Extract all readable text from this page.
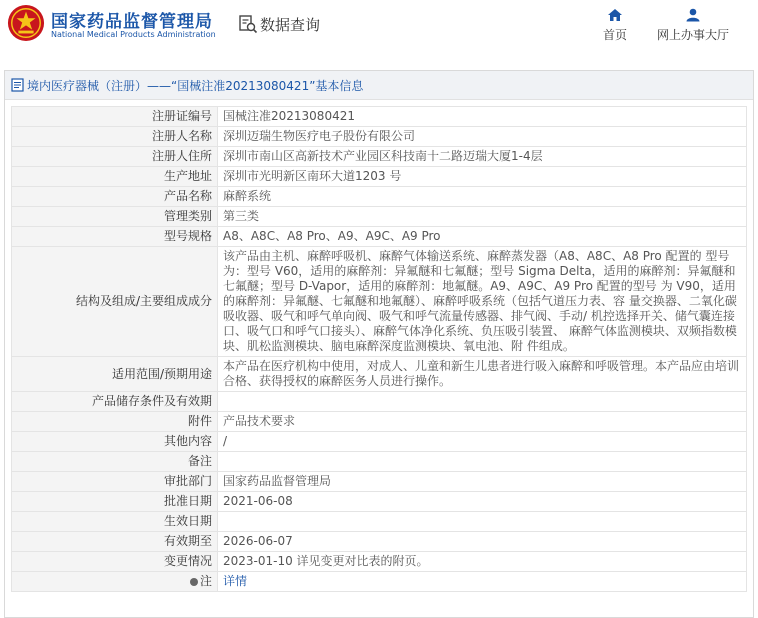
国家药品监督管理局
National Medical Products Administration
数据查询
首页	网上办事大厅
境内医疗器械（注册）——“国械注准20213080421”基本信息
注册证编号	国械注准20213080421
注册人名称	深圳迈瑞生物医疗电子股份有限公司
注册人住所	深圳市南山区高新技术产业园区科技南十二路迈瑞大厦1-4层
生产地址	深圳市光明新区南环大道1203 号
产品名称	麻醉系统
管理类别	第三类
型号规格	A8、A8C、A8 Pro、A9、A9C、A9 Pro
结构及组成/主要组成成分	该产品由主机、麻醉呼吸机、麻醉气体输送系统、麻醉蒸发器（A8、A8C、A8 Pro 配置的 型号为：型号 V60，适用的麻醉剂：异氟醚和七氟醚；型号 Sigma Delta，适用的麻醉剂：异氟醚和七氟醚；型号 D-Vapor，适用的麻醉剂：地氟醚。A9、A9C、A9 Pro 配置的型号 为 V90，适用的麻醉剂：异氟醚、七氟醚和地氟醚）、麻醉呼吸系统（包括气道压力表、容 量交换器、二氧化碳吸收器、吸气和呼气单向阀、吸气和呼气流量传感器、排气阀、手动/ 机控选择开关、储气囊连接口、吸气口和呼气口接头）、麻醉气体净化系统、负压吸引装置、 麻醉气体监测模块、双频指数模块、肌松监测模块、脑电麻醉深度监测模块、氧电池、附 件组成。
适用范围/预期用途	本产品在医疗机构中使用，对成人、儿童和新生儿患者进行吸入麻醉和呼吸管理。本产品应由培训合格、获得授权的麻醉医务人员进行操作。
产品储存条件及有效期	
附件	产品技术要求
其他内容	/
备注	
审批部门	国家药品监督管理局
批准日期	2021-06-08
生效日期	
有效期至	2026-06-07
变更情况	2023-01-10 详见变更对比表的附页。
注	详情
